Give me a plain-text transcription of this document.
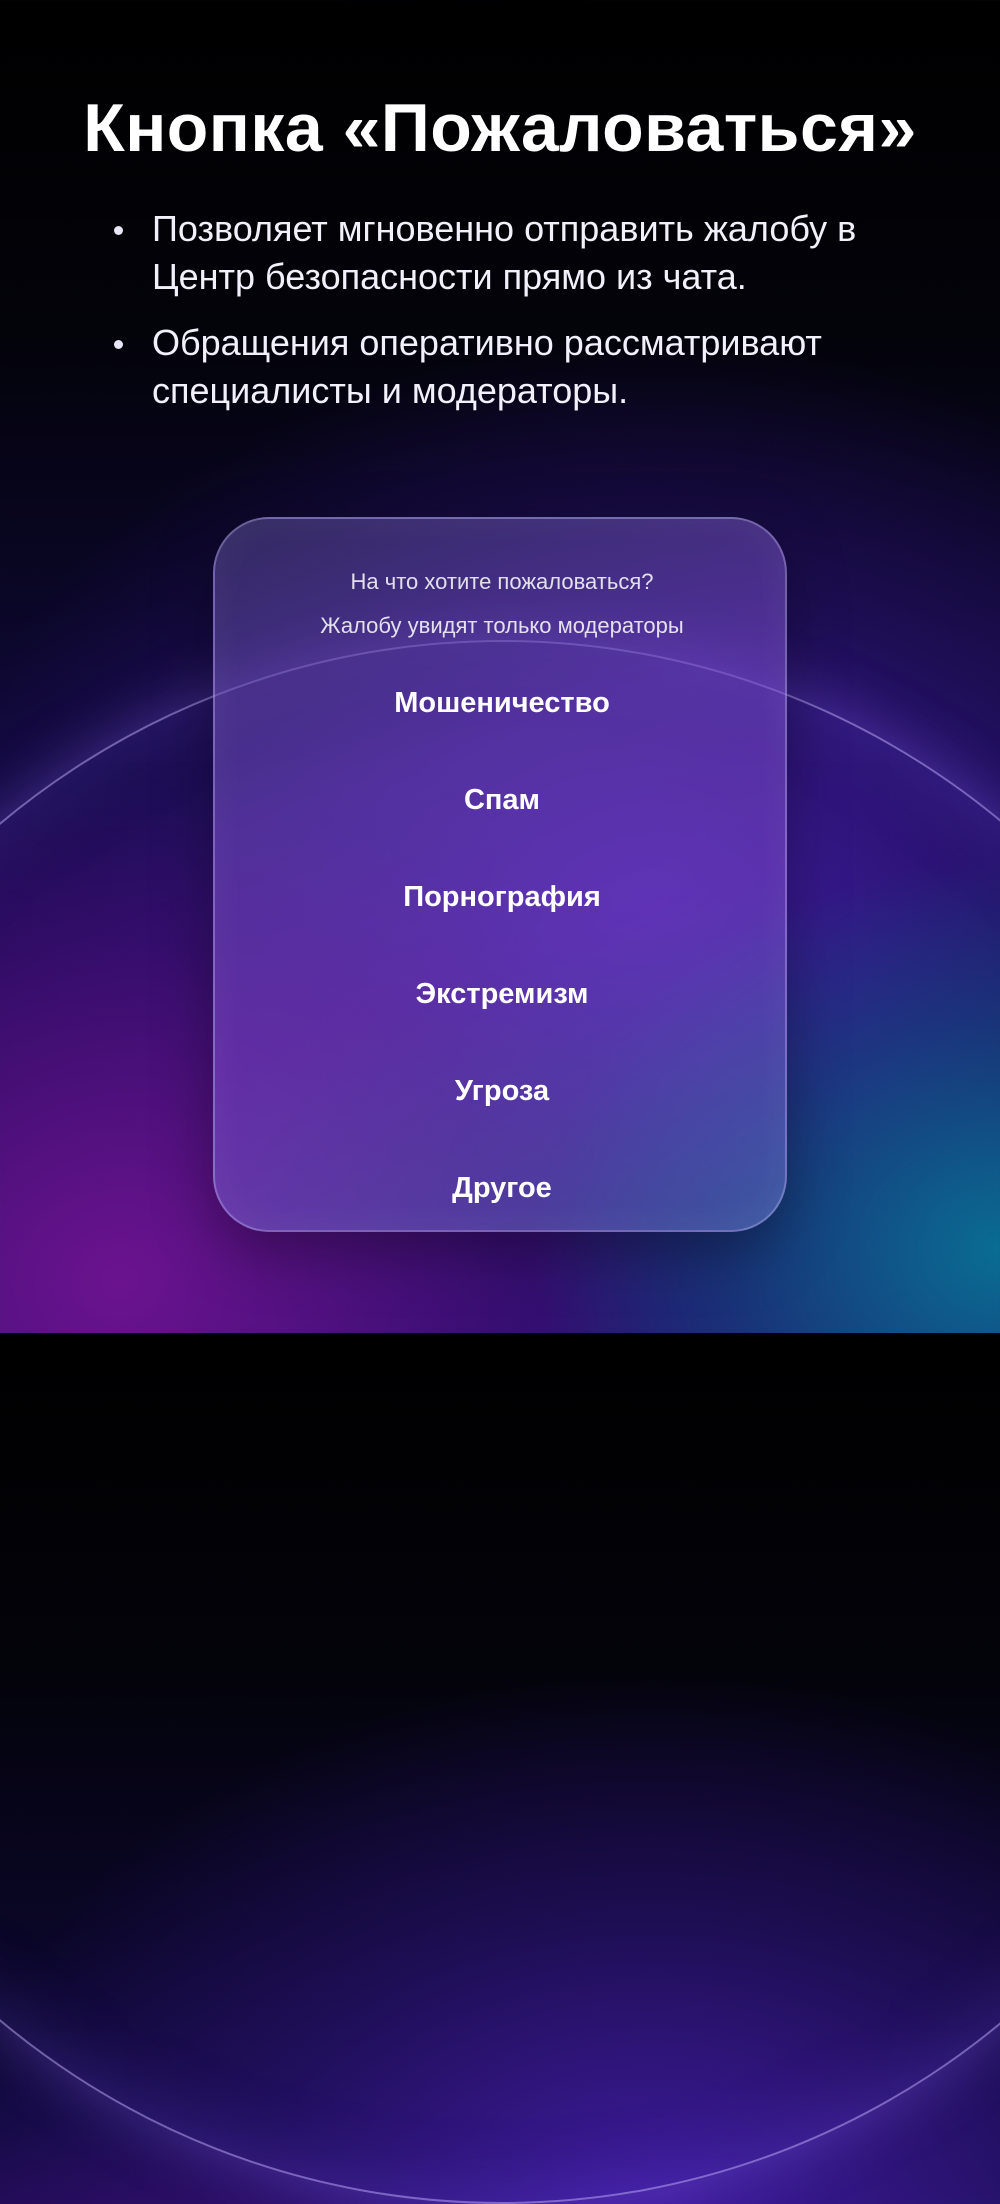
Кнопка «Пожаловаться»
Позволяет мгновенно отправить жалобу в Центр безопасности прямо из чата.
Обращения оперативно рассматривают специалисты и модераторы.

На что хотите пожаловаться?

Жалобу увидят только модераторы

Мошеничество
Спам
Порнография
Экстремизм
Угроза
Другое
